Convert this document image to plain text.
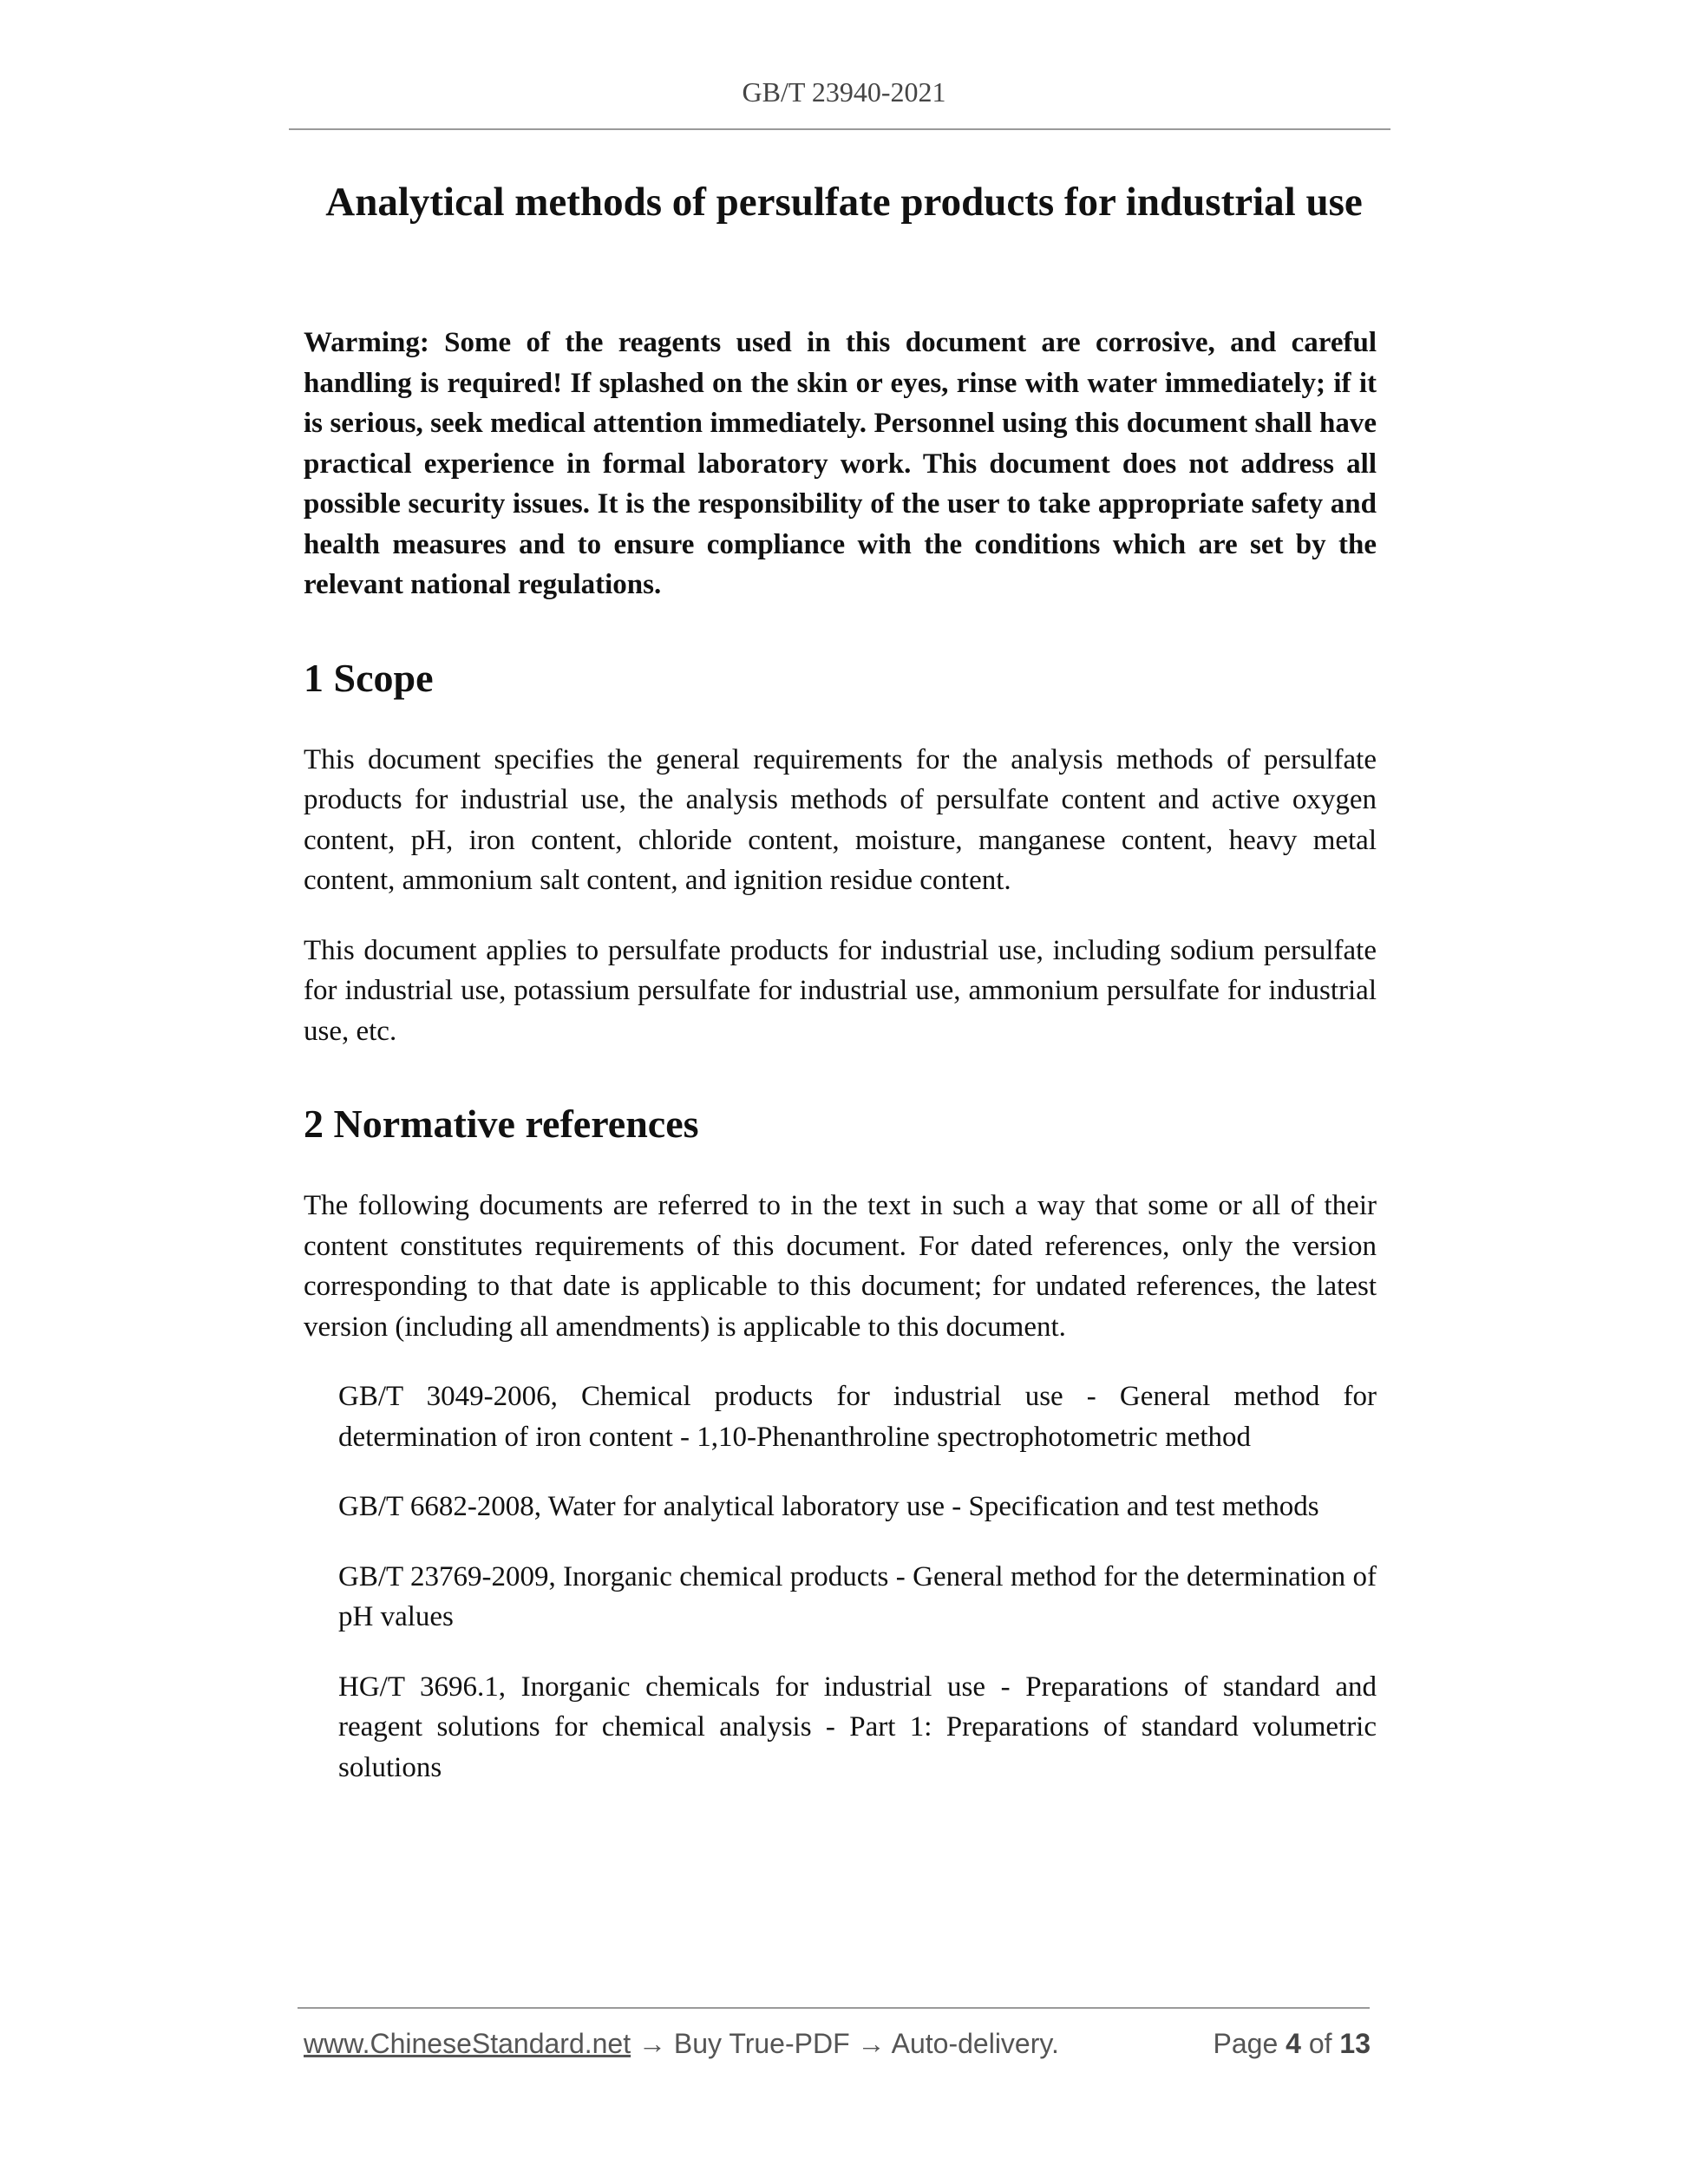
GB/T 23940-2021
Analytical methods of persulfate products for industrial use

Warming: Some of the reagents used in this document are corrosive, and careful handling is required! If splashed on the skin or eyes, rinse with water immediately; if it is serious, seek medical attention immediately. Personnel using this document shall have practical experience in formal laboratory work. This document does not address all possible security issues. It is the responsibility of the user to take appropriate safety and health measures and to ensure compliance with the conditions which are set by the relevant national regulations.

1 Scope

This document specifies the general requirements for the analysis methods of persulfate products for industrial use, the analysis methods of persulfate content and active oxygen content, pH, iron content, chloride content, moisture, manganese content, heavy metal content, ammonium salt content, and ignition residue content.

This document applies to persulfate products for industrial use, including sodium persulfate for industrial use, potassium persulfate for industrial use, ammonium persulfate for industrial use, etc.

2 Normative references

The following documents are referred to in the text in such a way that some or all of their content constitutes requirements of this document. For dated references, only the version corresponding to that date is applicable to this document; for undated references, the latest version (including all amendments) is applicable to this document.

GB/T 3049-2006, Chemical products for industrial use - General method for determination of iron content - 1,10-Phenanthroline spectrophotometric method

GB/T 6682-2008, Water for analytical laboratory use - Specification and test methods

GB/T 23769-2009, Inorganic chemical products - General method for the determination of pH values

HG/T 3696.1, Inorganic chemicals for industrial use - Preparations of standard and reagent solutions for chemical analysis - Part 1: Preparations of standard volumetric solutions

www.ChineseStandard.net → Buy True-PDF → Auto-delivery.	Page 4 of 13
